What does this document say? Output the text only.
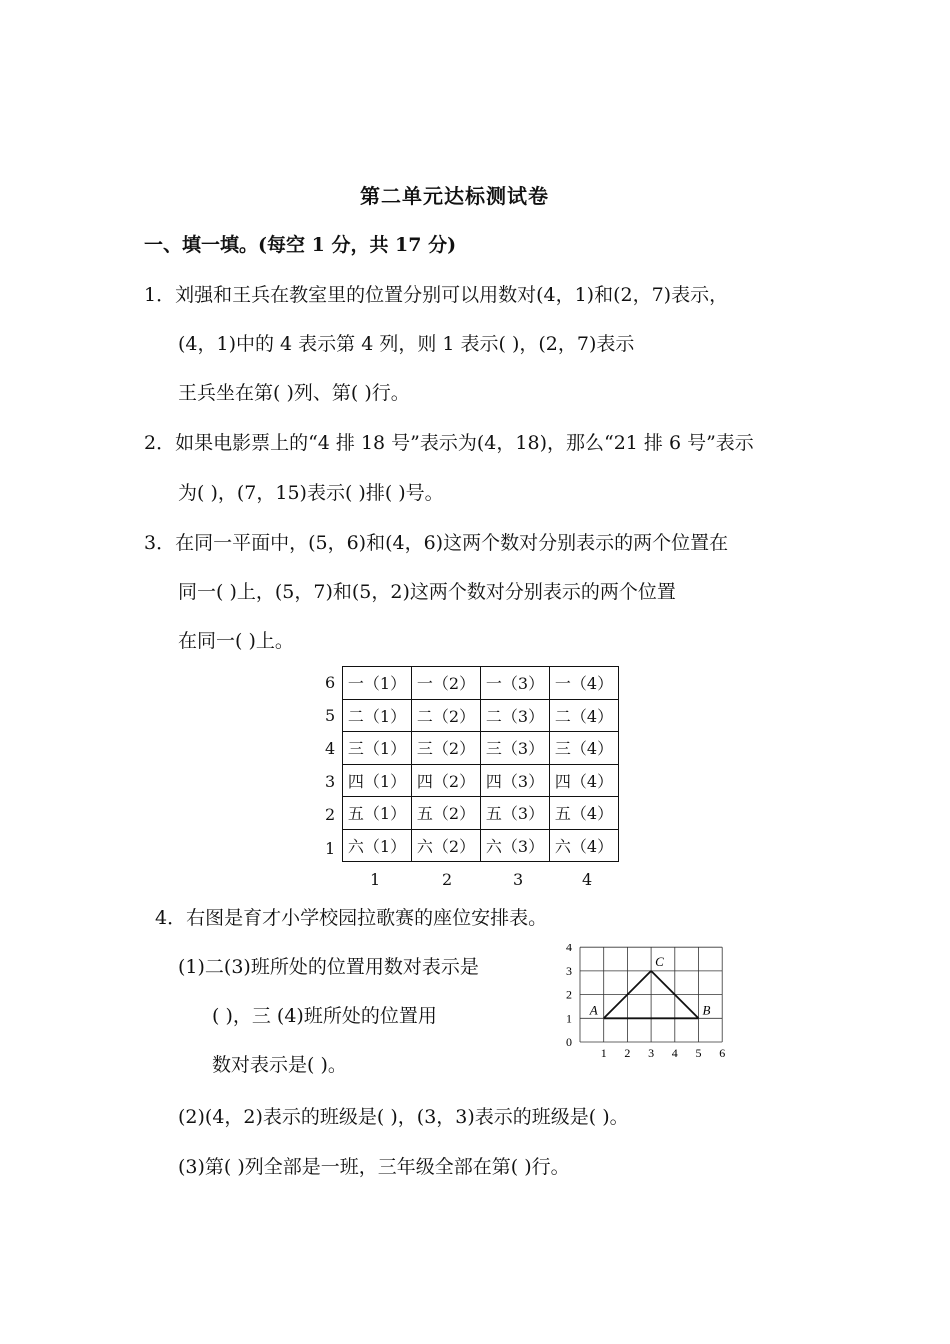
第二单元达标测试卷
一、填一填。(每空 1 分，共 17 分)
1．刘强和王兵在教室里的位置分别可以用数对(4，1)和(2，7)表示，
(4，1)中的 4 表示第 4 列，则 1 表示( )，(2，7)表示
王兵坐在第( )列、第( )行。
2．如果电影票上的“4 排 18 号”表示为(4，18)，那么“21 排 6 号”表示
为( )，(7，15)表示( )排( )号。
3．在同一平面中，(5，6)和(4，6)这两个数对分别表示的两个位置在
同一( )上，(5，7)和(5，2)这两个数对分别表示的两个位置
在同一( )上。
6
5
4
3
2
1
一（1）	一（2）	一（3）	一（4）
二（1）	二（2）	二（3）	二（4）
三（1）	三（2）	三（3）	三（4）
四（1）	四（2）	四（3）	四（4）
五（1）	五（2）	五（3）	五（4）
六（1）	六（2）	六（3）	六（4）
1	2	3	4
4．右图是育才小学校园拉歌赛的座位安排表。
(1)二(3)班所处的位置用数对表示是
( )，三 (4)班所处的位置用
数对表示是( )。
(2)(4，2)表示的班级是( )，(3，3)表示的班级是( )。
(3)第( )列全部是一班，三年级全部在第( )行。
1 2 3 4 5 6
0
1
2
3
4
A
C
B
